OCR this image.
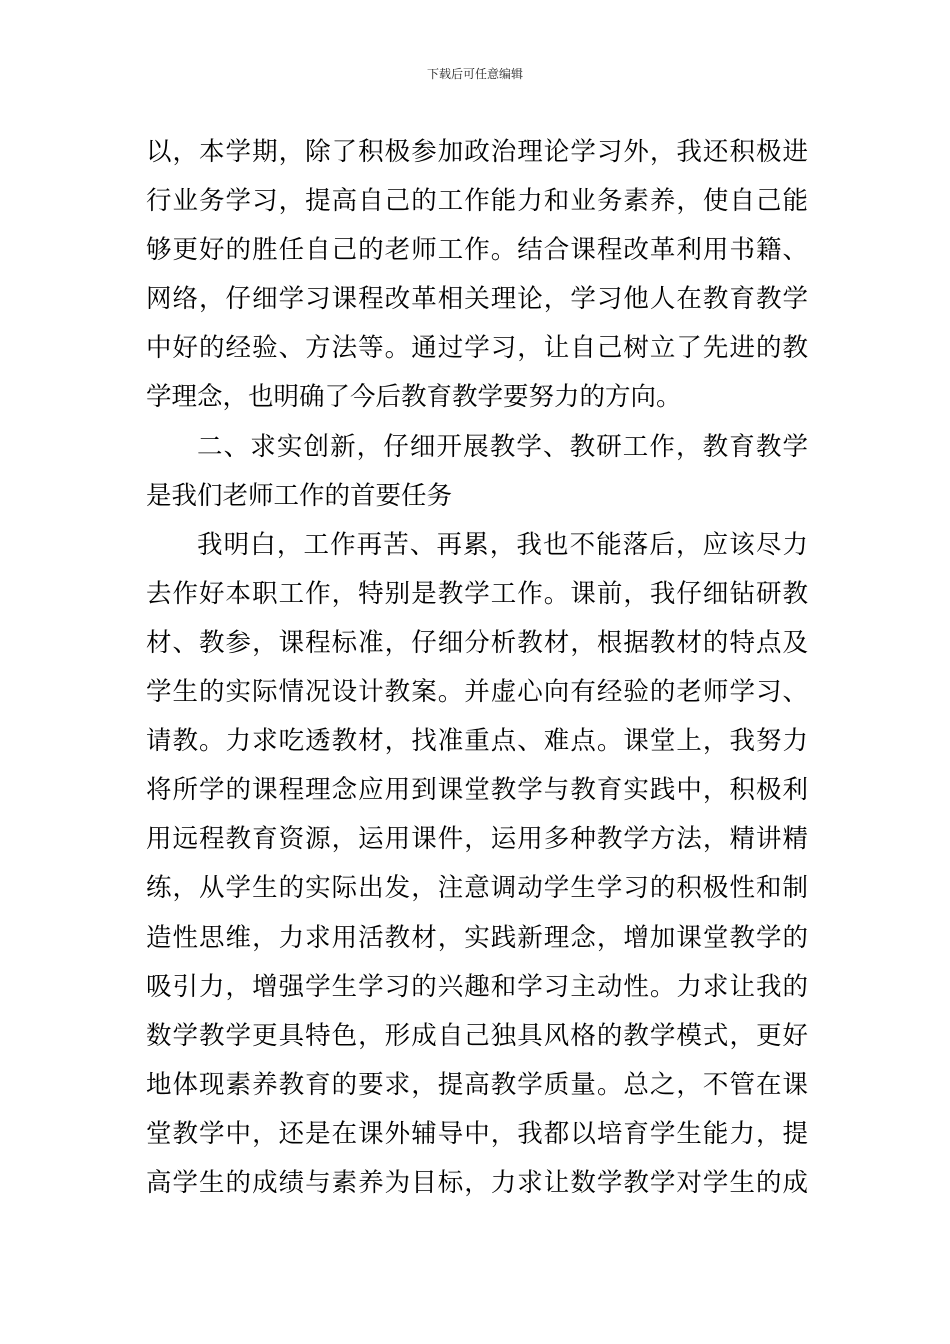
下载后可任意编辑
以，本学期，除了积极参加政治理论学习外，我还积极进
行业务学习，提高自己的工作能力和业务素养，使自己能
够更好的胜任自己的老师工作。结合课程改革利用书籍、
网络，仔细学习课程改革相关理论，学习他人在教育教学
中好的经验、方法等。通过学习，让自己树立了先进的教
学理念，也明确了今后教育教学要努力的方向。
二、求实创新，仔细开展教学、教研工作，教育教学
是我们老师工作的首要任务
我明白，工作再苦、再累，我也不能落后，应该尽力
去作好本职工作，特别是教学工作。课前，我仔细钻研教
材、教参，课程标准，仔细分析教材，根据教材的特点及
学生的实际情况设计教案。并虚心向有经验的老师学习、
请教。力求吃透教材，找准重点、难点。课堂上，我努力
将所学的课程理念应用到课堂教学与教育实践中，积极利
用远程教育资源，运用课件，运用多种教学方法，精讲精
练，从学生的实际出发，注意调动学生学习的积极性和制
造性思维，力求用活教材，实践新理念，增加课堂教学的
吸引力，增强学生学习的兴趣和学习主动性。力求让我的
数学教学更具特色，形成自己独具风格的教学模式，更好
地体现素养教育的要求，提高教学质量。总之，不管在课
堂教学中，还是在课外辅导中，我都以培育学生能力，提
高学生的成绩与素养为目标，力求让数学教学对学生的成
